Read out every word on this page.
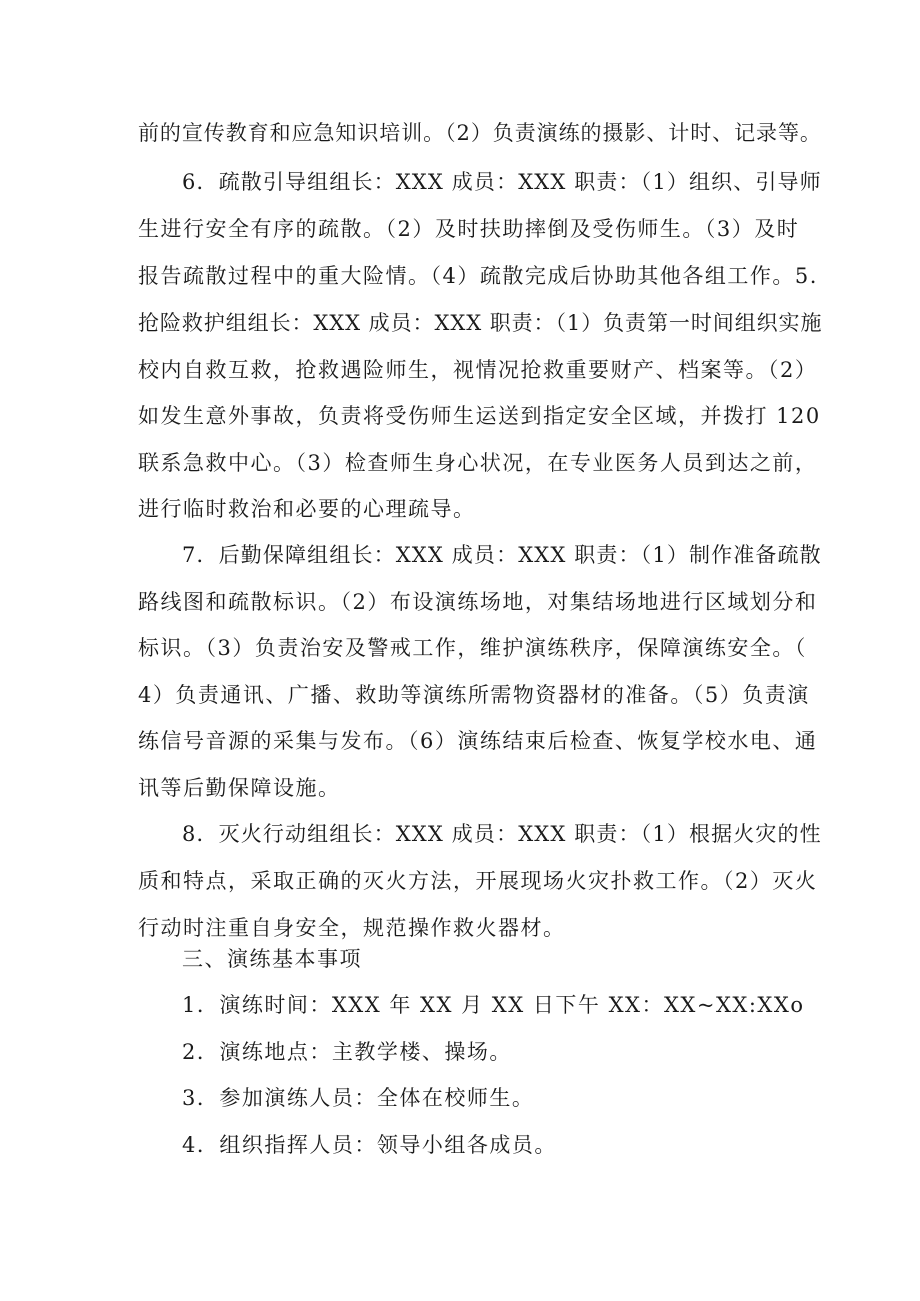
前的宣传教育和应急知识培训。（2）负责演练的摄影、计时、记录等。
6．疏散引导组组长：XXX 成员：XXX 职责：（1）组织、引导师
生进行安全有序的疏散。（2）及时扶助摔倒及受伤师生。（3）及时
报告疏散过程中的重大险情。（4）疏散完成后协助其他各组工作。5.
抢险救护组组长：XXX 成员：XXX 职责：（1）负责第一时间组织实施
校内自救互救，抢救遇险师生，视情况抢救重要财产、档案等。（2）
如发生意外事故，负责将受伤师生运送到指定安全区域，并拨打 120
联系急救中心。（3）检查师生身心状况，在专业医务人员到达之前，
进行临时救治和必要的心理疏导。
7．后勤保障组组长：XXX 成员：XXX 职责：（1）制作准备疏散
路线图和疏散标识。（2）布设演练场地，对集结场地进行区域划分和
标识。（3）负责治安及警戒工作，维护演练秩序，保障演练安全。（
4）负责通讯、广播、救助等演练所需物资器材的准备。（5）负责演
练信号音源的采集与发布。（6）演练结束后检查、恢复学校水电、通
讯等后勤保障设施。
8．灭火行动组组长：XXX 成员：XXX 职责：（1）根据火灾的性
质和特点，采取正确的灭火方法，开展现场火灾扑救工作。（2）灭火
行动时注重自身安全，规范操作救火器材。
三、演练基本事项
1．演练时间：XXX 年 XX 月 XX 日下午 XX：XX~XX:XXo
2．演练地点：主教学楼、操场。
3．参加演练人员：全体在校师生。
4．组织指挥人员：领导小组各成员。
